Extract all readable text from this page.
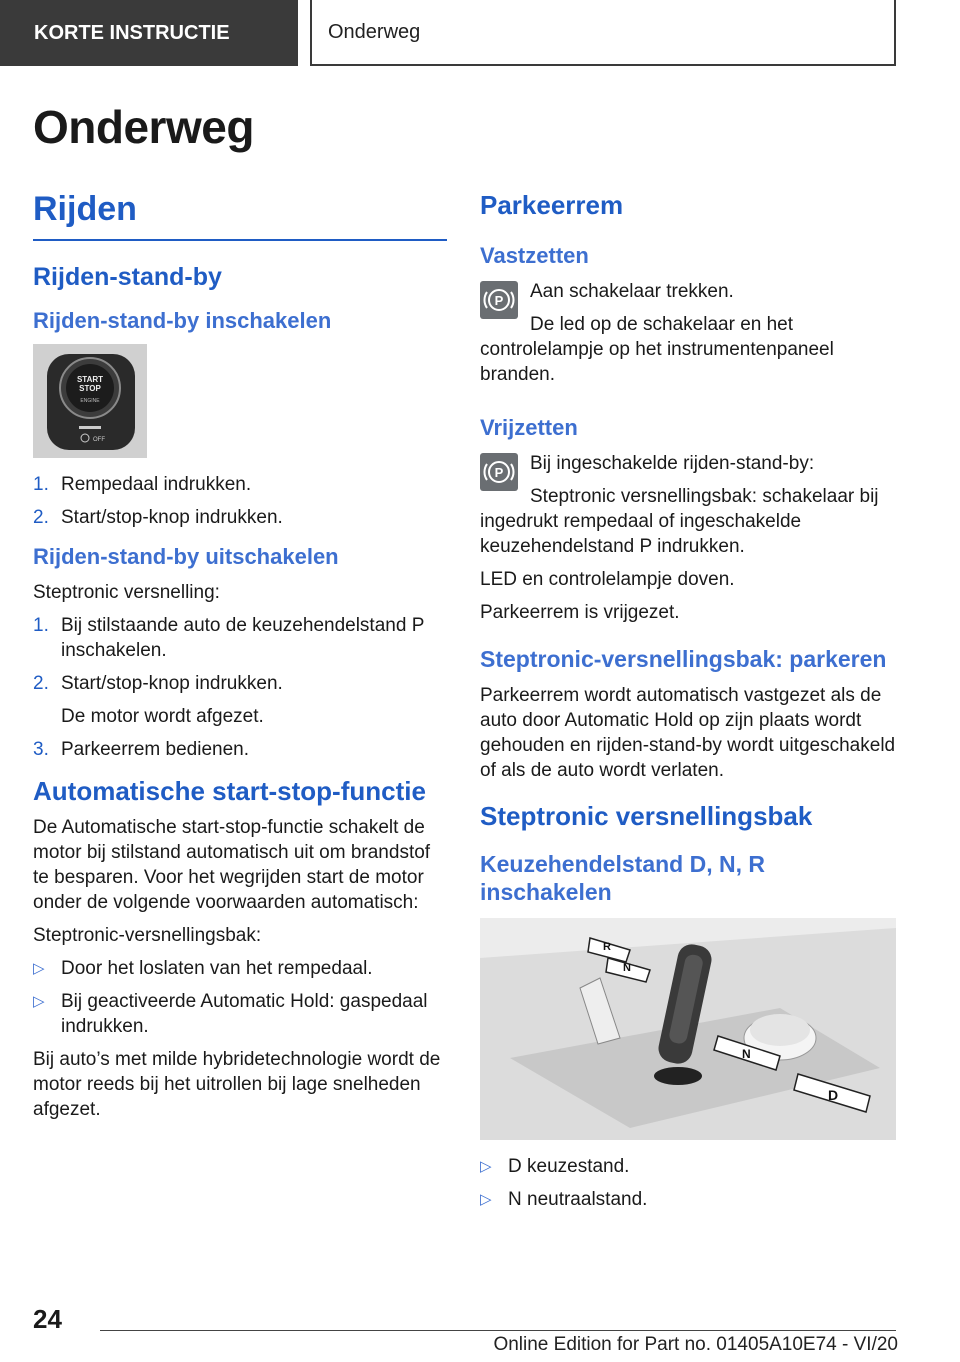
KORTE INSTRUCTIE	Onderweg
Onderweg
Rijden
Rijden-stand-by
Rijden-stand-by inschakelen
START
STOP
ENGINE
OFF
1. Rempedaal indrukken.
2. Start/stop-knop indrukken.
Rijden-stand-by uitschakelen

Steptronic versnelling:

1. Bij stilstaande auto de keuzehendelstand P inschakelen.
2. Start/stop-knop indrukken.
De motor wordt afgezet.
3. Parkeerrem bedienen.
Automatische start-stop-functie

De Automatische start-stop-functie schakelt de motor bij stilstand automatisch uit om brandstof te besparen. Voor het wegrijden start de motor onder de volgende voorwaarden automatisch:

Steptronic-versnellingsbak:

▷ Door het loslaten van het rempedaal.
▷ Bij geactiveerde Automatic Hold: gaspedaal indrukken.

Bij auto’s met milde hybridetechnologie wordt de motor reeds bij het uitrollen bij lage snelheden afgezet.

Parkeerrem
Vastzetten
P	Aan schakelaar trekken.

De led op de schakelaar en het controlelampje op het instrumentenpaneel branden.

Vrijzetten
P	Bij ingeschakelde rijden-stand-by:

Steptronic versnellingsbak: schakelaar bij ingedrukt rempedaal of ingeschakelde keuzehendelstand P indrukken.

LED en controlelampje doven.

Parkeerrem is vrijgezet.

Steptronic-versnellingsbak: parkeren

Parkeerrem wordt automatisch vastgezet als de auto door Automatic Hold op zijn plaats wordt gehouden en rijden-stand-by wordt uitgeschakeld of als de auto wordt verlaten.

Steptronic versnellingsbak
Keuzehendelstand D, N, R inschakelen
R
N
N
D
▷ D keuzestand.
▷ N neutraalstand.
24
Online Edition for Part no. 01405A10E74 - VI/20
